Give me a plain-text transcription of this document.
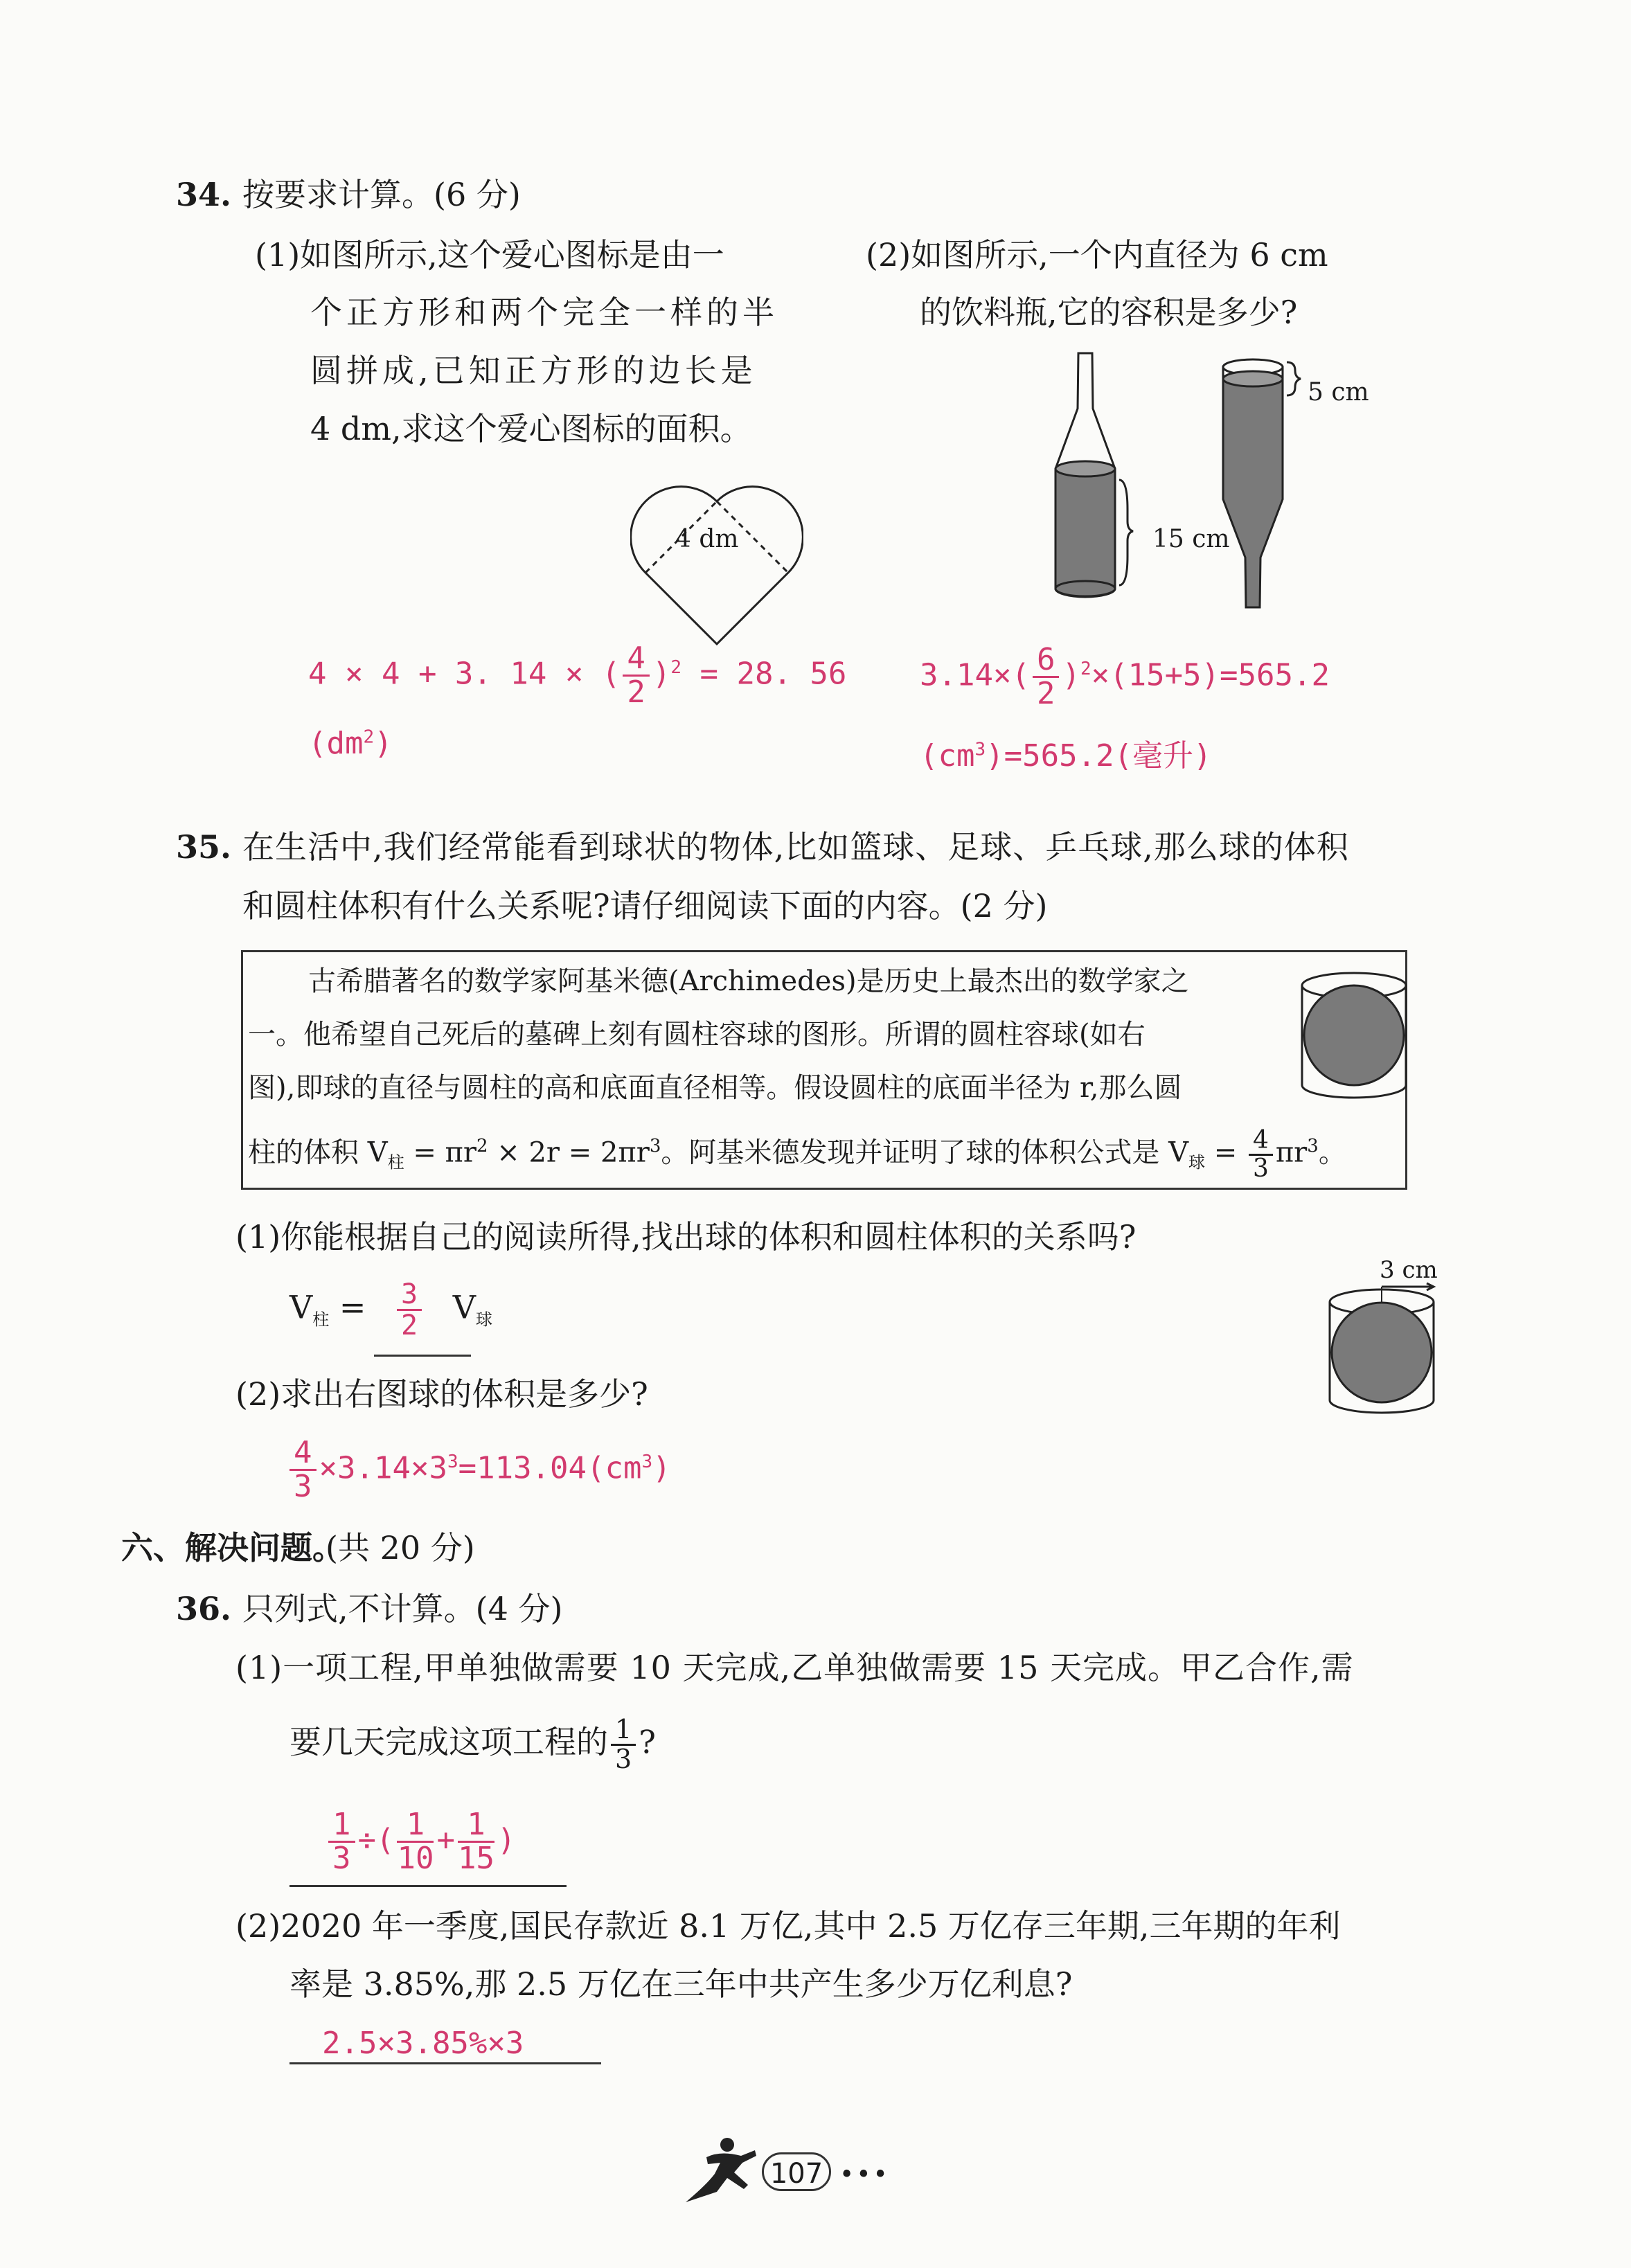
34. 按要求计算。(6 分)
(1)如图所示,这个爱心图标是由一
个正方形和两个完全一样的半
圆拼成,已知正方形的边长是
4 dm,求这个爱心图标的面积。
4 dm
4 × 4 + 3. 14 × ( $\frac{4}{2} )^2 = 28$. 56
$(dm^2)$
(2)如图所示,一个内直径为 6 cm
的饮料瓶,它的容积是多少?
5 cm
15 cm
$3.14\times( \frac{6}{2} )^2\times(15+5)=565.2$
$(cm^3)=565.2$(毫升)
35. 在生活中,我们经常能看到球状的物体,比如篮球、足球、乒乓球,那么球的体积
和圆柱体积有什么关系呢?请仔细阅读下面的内容。(2 分)
古希腊著名的数学家阿基米德(Archimedes)是历史上最杰出的数学家之
一。他希望自己死后的墓碑上刻有圆柱容球的图形。所谓的圆柱容球(如右
图),即球的直径与圆柱的高和底面直径相等。假设圆柱的底面半径为 r,那么圆
柱的体积 $V_柱 = \pi r^2 \times 2r = 2\pi r^3$。阿基米德发现并证明了球的体积公式是 $V_球 = \frac{4}{3} \pi r^3$。
(1)你能根据自己的阅读所得,找出球的体积和圆柱体积的关系吗?
$V_柱 = \frac{3}{2} V_球$
3 cm
(2)求出右图球的体积是多少?
$\frac{4}{3} \times 3.14\times 3^3=113.04(cm^3)$
六、解决问题。
(共 20 分)
36. 只列式,不计算。(4 分)
(1)一项工程,甲单独做需要 10 天完成,乙单独做需要 15 天完成。甲乙合作,需
要几天完成这项工程的 $\frac{1}{3}$ ?
$\frac{1}{3}$ ÷( $\frac{1}{10} + \frac{1}{15}$ )
(2)2020 年一季度,国民存款近 8.1 万亿,其中 2.5 万亿存三年期,三年期的年利
率是 3.85%,那 2.5 万亿在三年中共产生多少万亿利息?
2.5×3.85%×3
107 •••
